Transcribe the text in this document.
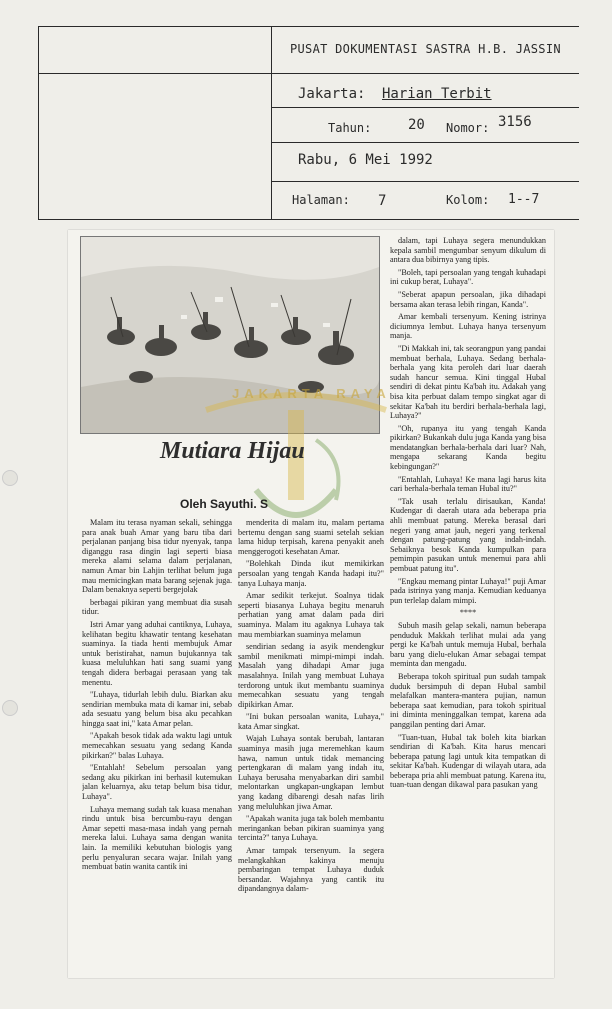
PUSAT DOKUMENTASI SASTRA H.B. JASSIN
Jakarta: Harian Terbit
Tahun:	20 Nomor: 3156
Rabu, 6 Mei 1992
Halaman: 7	Kolom: 1--7
JAKARTA RAYA
Mutiara Hijau
Oleh Sayuthi. S

Malam itu terasa nyaman sekali, sehingga para anak buah Amar yang baru tiba dari perjalanan panjang bisa tidur nyenyak, tanpa diganggu rasa dingin lagi seperti biasa mereka alami selama dalam perjalanan, namun Amar bin Lahjin terlihat belum juga mau memicingkan mata barang sejenak juga. Dalam benaknya seperti bergejolak

berbagai pikiran yang membuat dia susah tidur.

Istri Amar yang aduhai cantiknya, Luhaya, kelihatan begitu khawatir tentang kesehatan suaminya. Ia tiada henti membujuk Amar untuk beristirahat, namun bujukannya tak kuasa meluluhkan hati sang suami yang tengah didera berbagai perasaan yang tak menentu.

"Luhaya, tidurlah lebih dulu. Biarkan aku sendirian membuka mata di kamar ini, sebab ada sesuatu yang belum bisa aku pecahkan hingga saat ini," kata Amar pelan.

"Apakah besok tidak ada waktu lagi untuk memecahkan sesuatu yang sedang Kanda pikirkan?" balas Luhaya.

"Entahlah! Sebelum persoalan yang sedang aku pikirkan ini berhasil kutemukan jalan keluarnya, aku tetap belum bisa tidur, Luhaya".

Luhaya memang sudah tak kuasa menahan rindu untuk bisa bercumbu-rayu dengan Amar sepetti masa-masa indah yang pernah mereka lalui. Luhaya sama dengan wanita lain. Ia memiliki kebutuhan biologis yang perlu penyaluran secara wajar. Inilah yang membuat batin wanita cantik ini

menderita di malam itu, malam pertama bertemu dengan sang suami setelah sekian lama hidup terpisah, karena penyakit aneh menggerogoti kesehatan Amar.

"Bolehkah Dinda ikut memikirkan persoalan yang tengah Kanda hadapi itu?" tanya Luhaya manja.

Amar sedikit terkejut. Soalnya tidak seperti biasanya Luhaya begitu menaruh perhatian yang amat dalam pada diri suaminya. Malam itu agaknya Luhaya tak mau membiarkan suaminya melamun

sendirian sedang ia asyik mendengkur sambil menikmati mimpi-mimpi indah. Masalah yang dihadapi Amar juga masalahnya. Inilah yang membuat Luhaya terdorong untuk ikut membantu suaminya memecahkan sesuatu yang tengah dipikirkan Amar.

"Ini bukan persoalan wanita, Luhaya," kata Amar singkat.

Wajah Luhaya sontak berubah, lantaran suaminya masih juga meremehkan kaum hawa, namun untuk tidak memancing pertengkaran di malam yang indah itu, Luhaya berusaha menyabarkan diri sambil melontarkan ungkapan-ungkapan lembut yang kadang dibarengi desah nafas lirih yang meluluhkan jiwa Amar.

"Apakah wanita juga tak boleh membantu meringankan beban pikiran suaminya yang tercinta?" tanya Luhaya.

Amar tampak tersenyum. Ia segera melangkahkan kakinya menuju pembaringan tempat Luhaya duduk bersandar. Wajahnya yang cantik itu dipandangnya dalam-

dalam, tapi Luhaya segera menundukkan kepala sambil mengumbar senyum dikulum di antara dua bibirnya yang tipis.

"Boleh, tapi persoalan yang tengah kuhadapi ini cukup berat, Luhaya".

"Seberat apapun persoalan, jika dihadapi bersama akan terasa lebih ringan, Kanda".

Amar kembali tersenyum. Kening istrinya diciumnya lembut. Luhaya hanya tersenyum manja.

"Di Makkah ini, tak seorangpun yang pandai membuat berhala, Luhaya. Sedang berhala-berhala yang kita peroleh dari luar daerah sudah hancur semua. Kini tinggal Hubal sendiri di dekat pintu Ka'bah itu. Adakah yang bisa kita perbuat dalam tempo singkat agar di sekitar Ka'bah itu berdiri berhala-berhala lagi, Luhaya?"

"Oh, rupanya itu yang tengah Kanda pikirkan? Bukankah dulu juga Kanda yang bisa mendatangkan berhala-berhala dari luar? Nah, mengapa sekarang Kanda begitu kebingungan?"

"Entahlah, Luhaya! Ke mana lagi harus kita cari berhala-berhala teman Hubal itu?"

"Tak usah terlalu dirisaukan, Kanda! Kudengar di daerah utara ada beberapa pria ahli membuat patung. Mereka berasal dari negeri yang amat jauh, negeri yang terkenal dengan patung-patung yang indah-indah. Sebaiknya besok Kanda kumpulkan para pemimpin pasukan untuk menemui para ahli pembuat patung itu".

"Engkau memang pintar Luhaya!" puji Amar pada istrinya yang manja. Kemudian keduanya pun terlelap dalam mimpi.

****

Subuh masih gelap sekali, namun beberapa penduduk Makkah terlihat mulai ada yang pergi ke Ka'bah untuk memuja Hubal, berhala baru yang dielu-elukan Amar sebagai tempat meminta dan mengadu.

Beberapa tokoh spiritual pun sudah tampak duduk bersimpuh di depan Hubal sambil melafalkan mantera-mantera pujian, namun beberapa saat kemudian, para tokoh spiritual ini diminta meninggalkan tempat, karena ada panggilan penting dari Amar.

"Tuan-tuan, Hubal tak boleh kita biarkan sendirian di Ka'bah. Kita harus mencari beberapa patung lagi untuk kita tempatkan di sekitar Ka'bah. Kudengar di wilayah utara, ada beberapa pria ahli membuat patung. Karena itu, tuan-tuan dengan dikawal para pasukan yang
